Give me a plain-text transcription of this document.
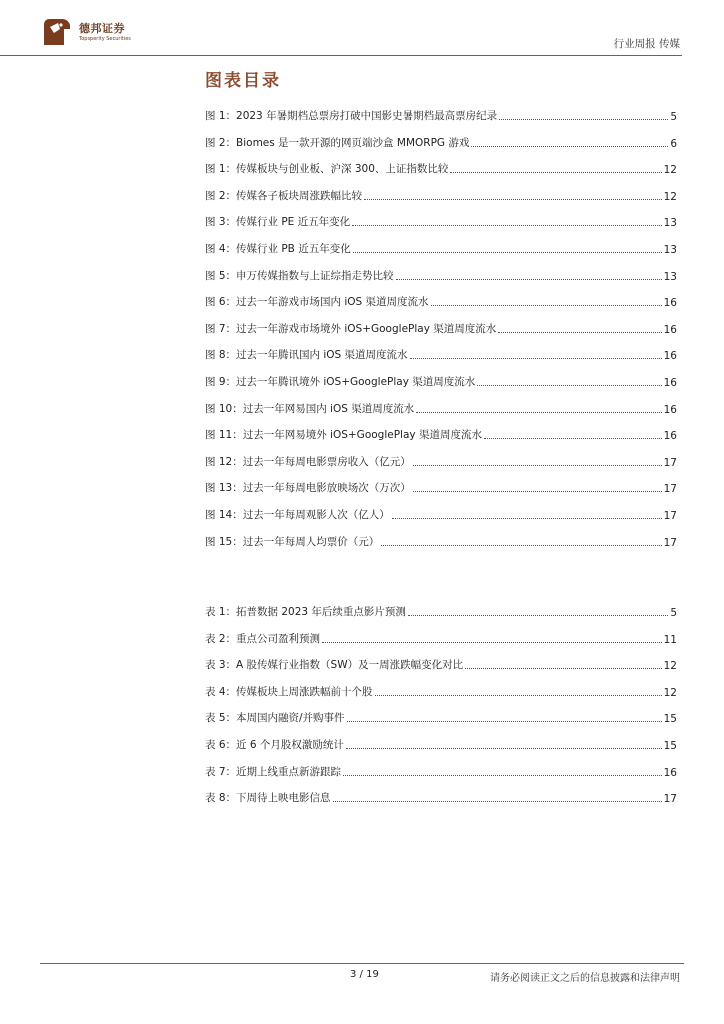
德邦证券
Topsperity Securities	行业周报 传媒
图表目录
图 1：2023 年暑期档总票房打破中国影史暑期档最高票房纪录	5
图 2：Biomes 是一款开源的网页端沙盒 MMORPG 游戏	6
图 1：传媒板块与创业板、沪深 300、上证指数比较	12
图 2：传媒各子板块周涨跌幅比较	12
图 3：传媒行业 PE 近五年变化	13
图 4：传媒行业 PB 近五年变化	13
图 5：申万传媒指数与上证综指走势比较	13
图 6：过去一年游戏市场国内 iOS 渠道周度流水	16
图 7：过去一年游戏市场境外 iOS+GooglePlay 渠道周度流水	16
图 8：过去一年腾讯国内 iOS 渠道周度流水	16
图 9：过去一年腾讯境外 iOS+GooglePlay 渠道周度流水	16
图 10：过去一年网易国内 iOS 渠道周度流水	16
图 11：过去一年网易境外 iOS+GooglePlay 渠道周度流水	16
图 12：过去一年每周电影票房收入（亿元）	17
图 13：过去一年每周电影放映场次（万次）	17
图 14：过去一年每周观影人次（亿人）	17
图 15：过去一年每周人均票价（元）	17
表 1：拓普数据 2023 年后续重点影片预测	5
表 2：重点公司盈利预测	11
表 3：A 股传媒行业指数（SW）及一周涨跌幅变化对比	12
表 4：传媒板块上周涨跌幅前十个股	12
表 5：本周国内融资/并购事件	15
表 6：近 6 个月股权激励统计	15
表 7：近期上线重点新游跟踪	16
表 8：下周待上映电影信息	17
3 / 19	请务必阅读正文之后的信息披露和法律声明
